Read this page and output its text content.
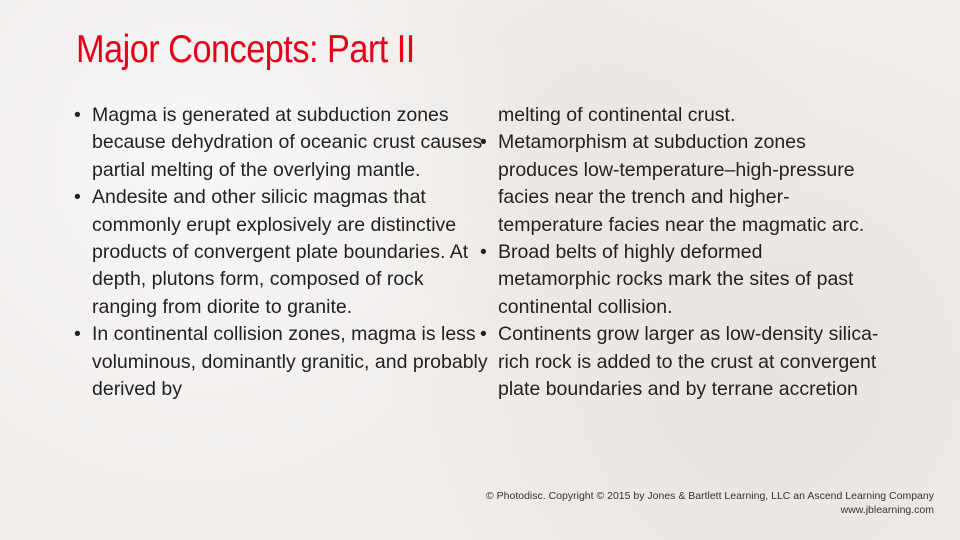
Major Concepts: Part II
• Magma is generated at subduction zones because dehydration of oceanic crust causes partial melting of the overlying mantle.
• Andesite and other silicic magmas that commonly erupt explosively are distinctive products of convergent plate boundaries. At depth, plutons form, composed of rock ranging from diorite to granite.
• In continental collision zones, magma is less voluminous, dominantly granitic, and probably derived by
melting of continental crust.
• Metamorphism at subduction zones produces low-temperature–high-pressure facies near the trench and higher-temperature facies near the magmatic arc.
• Broad belts of highly deformed metamorphic rocks mark the sites of past continental collision.
• Continents grow larger as low-density silica-rich rock is added to the crust at convergent plate boundaries and by terrane accretion
© Photodisc. Copyright © 2015 by Jones & Bartlett Learning, LLC an Ascend Learning Company
www.jblearning.com
